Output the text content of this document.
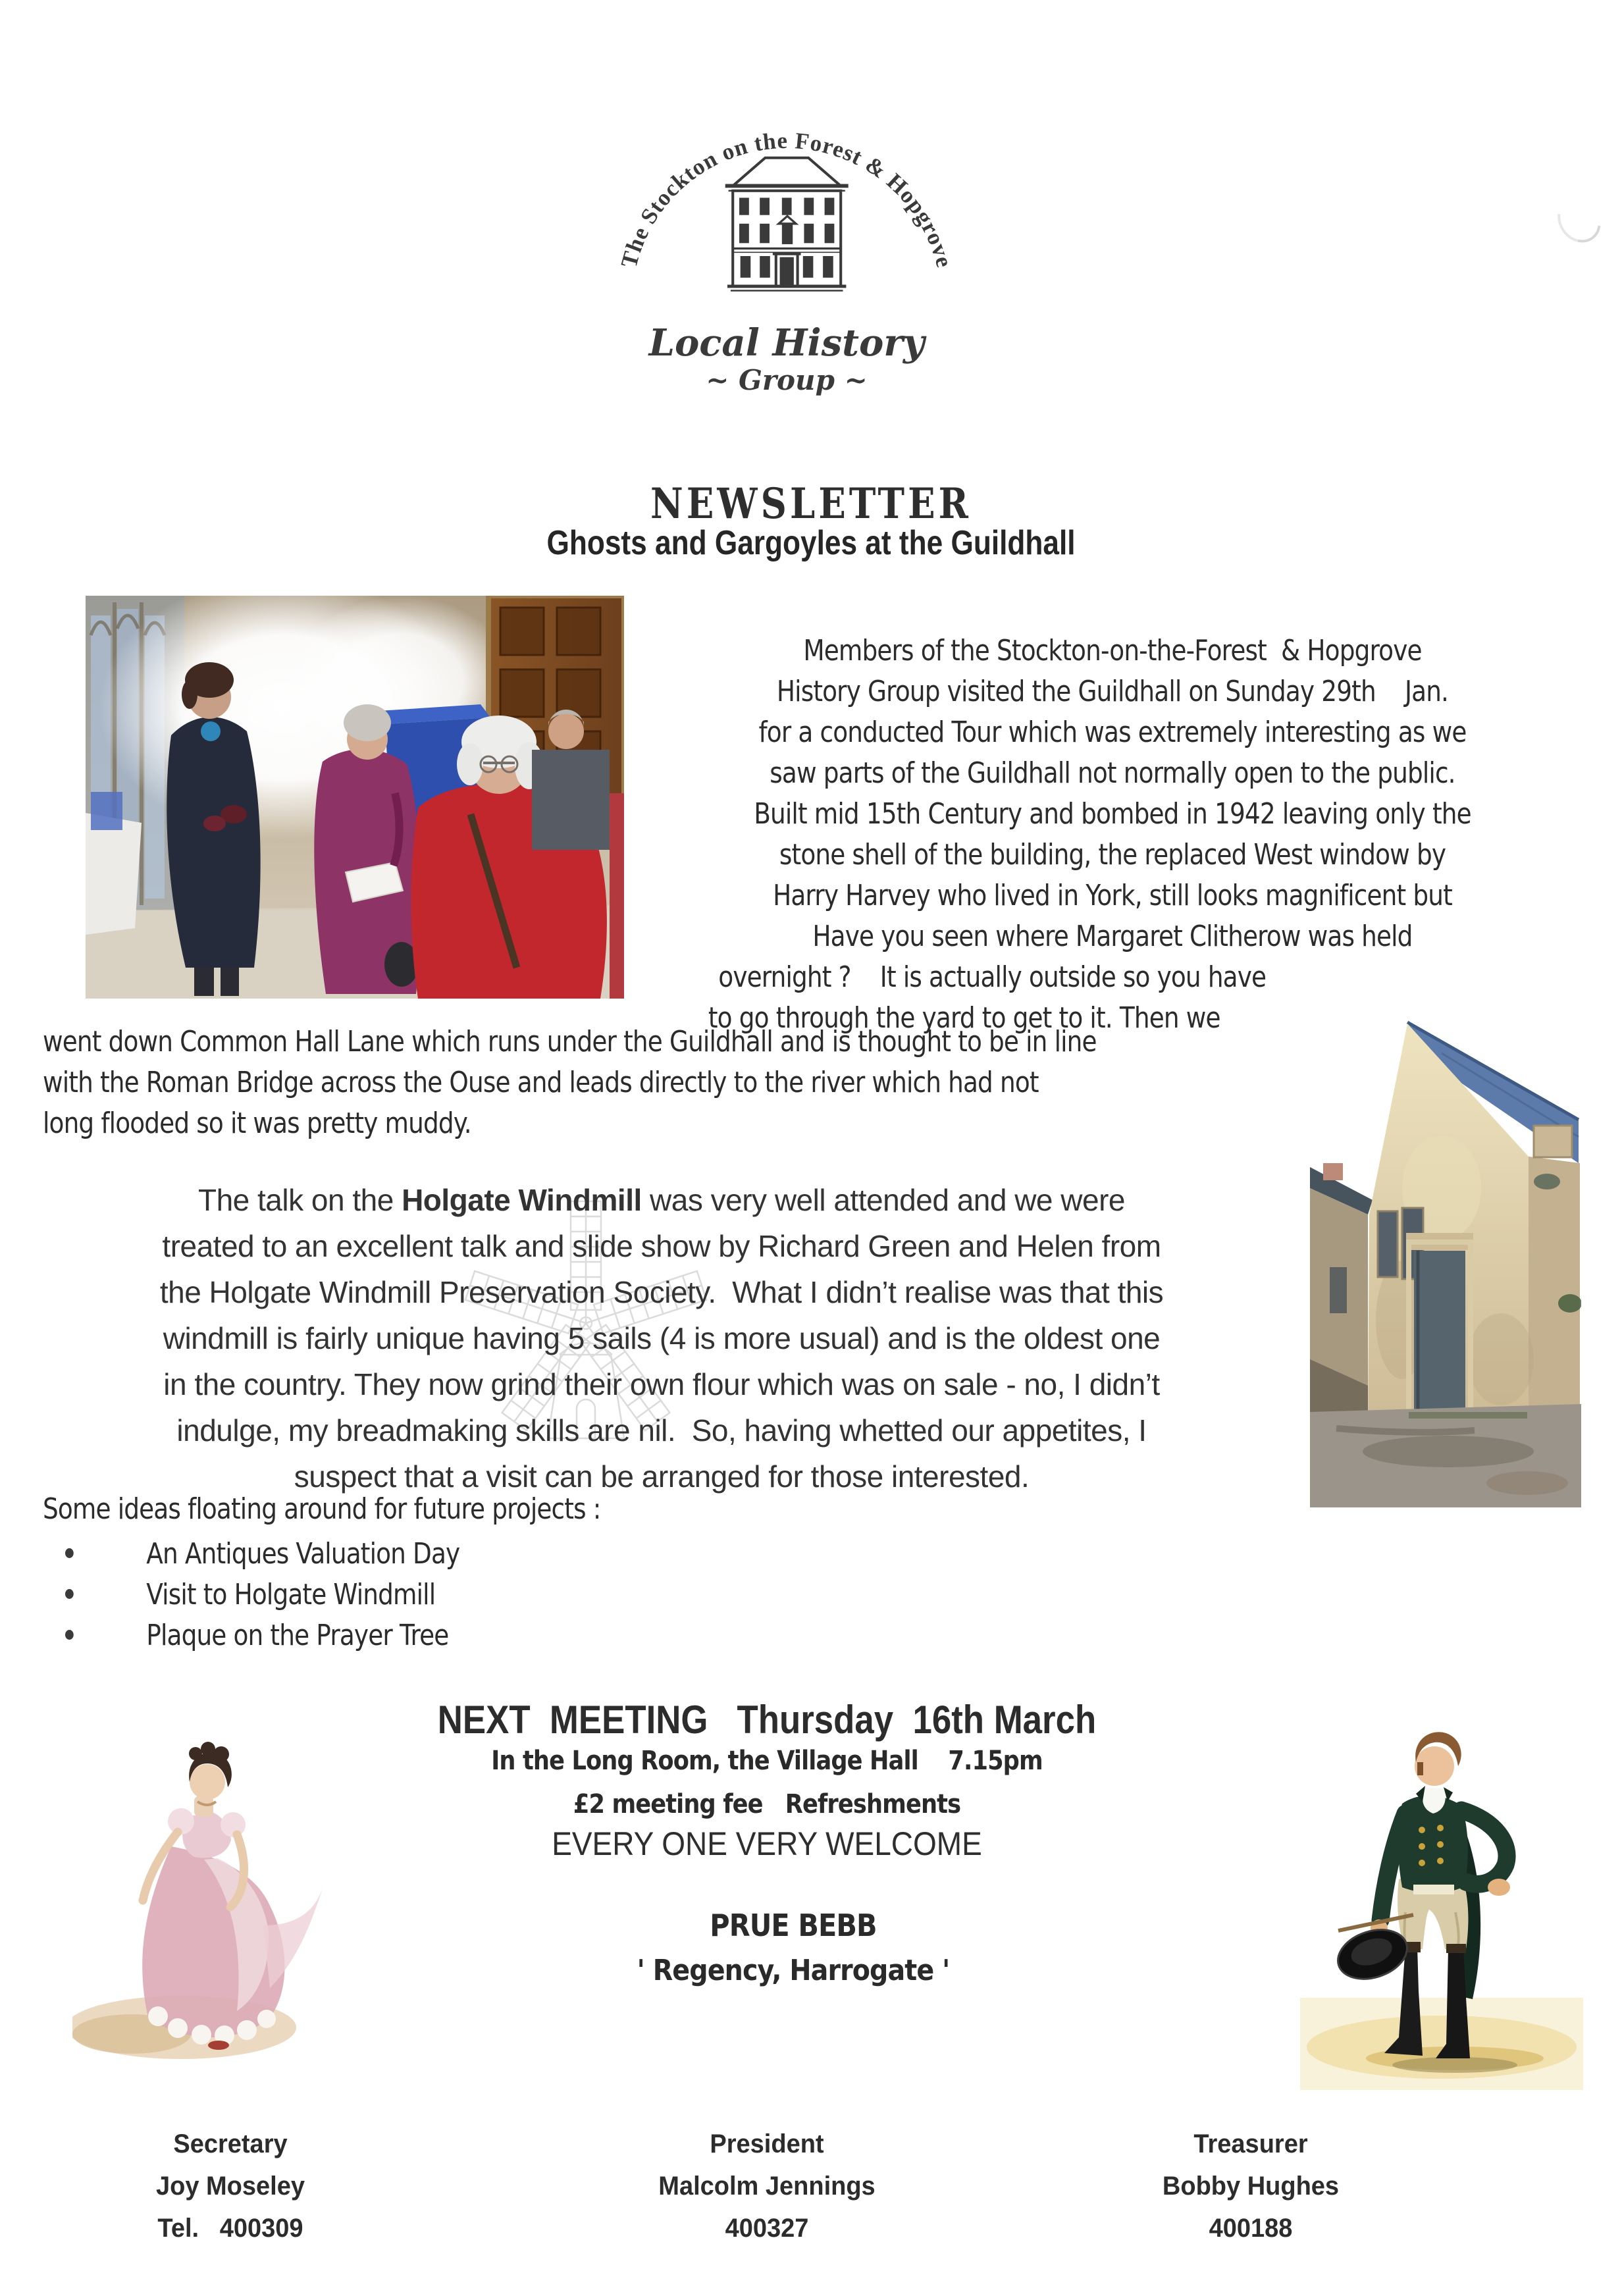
The Stockton on the Forest & Hopgrove
Local History
~ Group ~
NEWSLETTER
Ghosts and Gargoyles at the Guildhall
Members of the Stockton-on-the-Forest  & Hopgrove
History Group visited the Guildhall on Sunday 29th    Jan.
for a conducted Tour which was extremely interesting as we
saw parts of the Guildhall not normally open to the public.
Built mid 15th Century and bombed in 1942 leaving only the
stone shell of the building, the replaced West window by
Harry Harvey who lived in York, still looks magnificent but
Have you seen where Margaret Clitherow was held
overnight ?    It is actually outside so you have
to go through the yard to get to it. Then we
went down Common Hall Lane which runs under the Guildhall and is thought to be in line
with the Roman Bridge across the Ouse and leads directly to the river which had not
long flooded so it was pretty muddy.
The talk on the Holgate Windmill was very well attended and we were
treated to an excellent talk and slide show by Richard Green and Helen from
the Holgate Windmill Preservation Society.  What I didn’t realise was that this
windmill is fairly unique having 5 sails (4 is more usual) and is the oldest one
in the country. They now grind their own flour which was on sale - no, I didn’t
indulge, my breadmaking skills are nil.  So, having whetted our appetites, I
suspect that a visit can be arranged for those interested.
Some ideas floating around for future projects :
An Antiques Valuation Day
Visit to Holgate Windmill
Plaque on the Prayer Tree
NEXT  MEETING   Thursday  16th March
In the Long Room, the Village Hall    7.15pm
£2 meeting fee   Refreshments
EVERY ONE VERY WELCOME
PRUE BEBB
' Regency, Harrogate '
Secretary
Joy Moseley
Tel.   400309
President
Malcolm Jennings
400327
Treasurer
Bobby Hughes
400188
